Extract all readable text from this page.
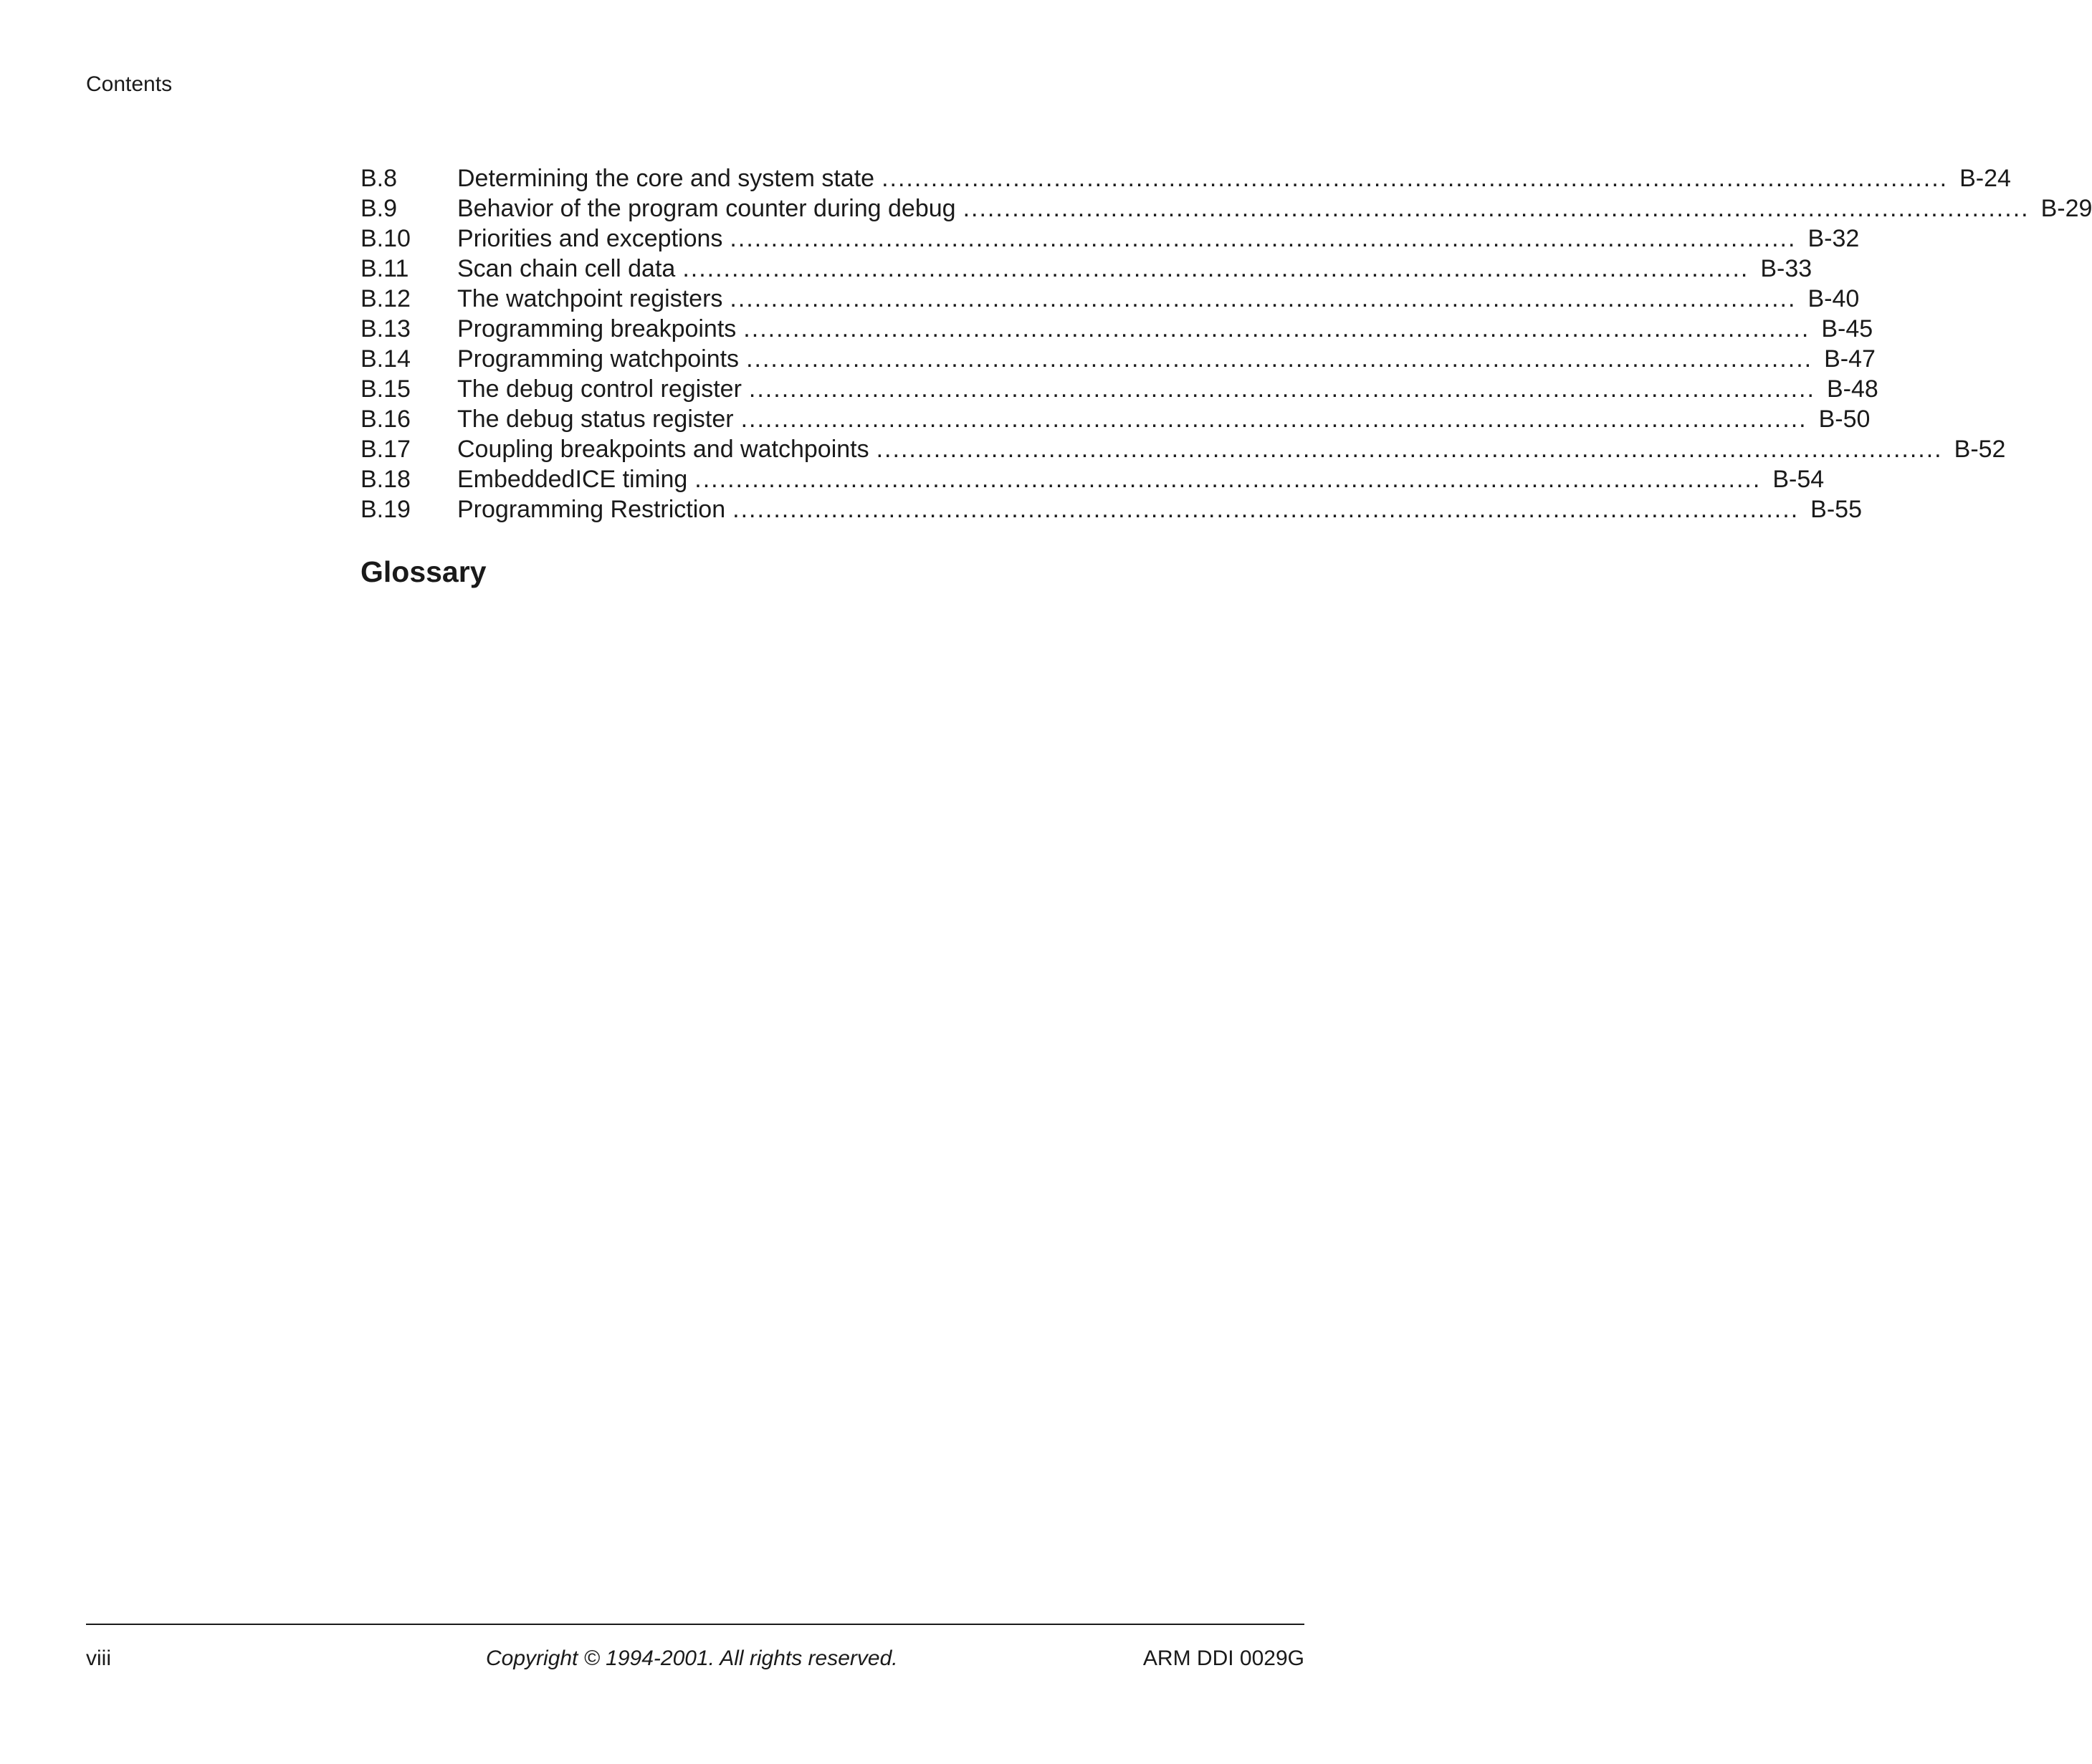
Contents
B.8	Determining the core and system state .................................................................................................................................. B-24
B.9	Behavior of the program counter during debug .................................................................................................................................. B-29
B.10	Priorities and exceptions .................................................................................................................................. B-32
B.11	Scan chain cell data .................................................................................................................................. B-33
B.12	The watchpoint registers .................................................................................................................................. B-40
B.13	Programming breakpoints .................................................................................................................................. B-45
B.14	Programming watchpoints .................................................................................................................................. B-47
B.15	The debug control register .................................................................................................................................. B-48
B.16	The debug status register .................................................................................................................................. B-50
B.17	Coupling breakpoints and watchpoints .................................................................................................................................. B-52
B.18	EmbeddedICE timing .................................................................................................................................. B-54
B.19	Programming Restriction .................................................................................................................................. B-55
Glossary
viii	Copyright © 1994-2001. All rights reserved.	ARM DDI 0029G
